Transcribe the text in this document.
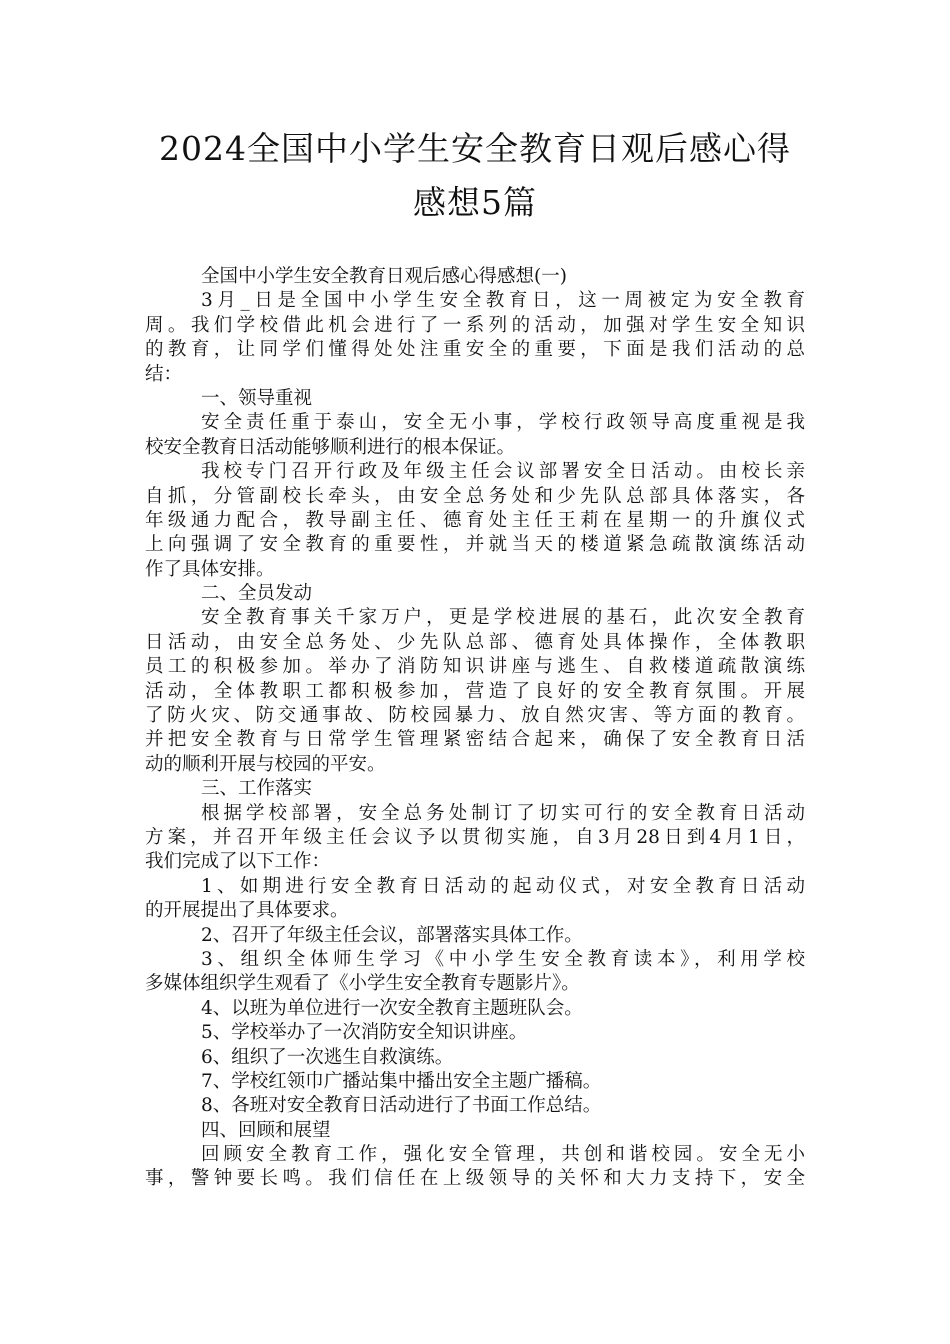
2024全国中小学生安全教育日观后感心得
感想5篇
全国中小学生安全教育日观后感心得感想(一)
3月_日是全国中小学生安全教育日，这一周被定为安全教育
周。我们学校借此机会进行了一系列的活动，加强对学生安全知识
的教育，让同学们懂得处处注重安全的重要，下面是我们活动的总
结：
一、领导重视
安全责任重于泰山，安全无小事，学校行政领导高度重视是我
校安全教育日活动能够顺利进行的根本保证。
我校专门召开行政及年级主任会议部署安全日活动。由校长亲
自抓，分管副校长牵头，由安全总务处和少先队总部具体落实，各
年级通力配合，教导副主任、德育处主任王莉在星期一的升旗仪式
上向强调了安全教育的重要性，并就当天的楼道紧急疏散演练活动
作了具体安排。
二、全员发动
安全教育事关千家万户，更是学校进展的基石，此次安全教育
日活动，由安全总务处、少先队总部、德育处具体操作，全体教职
员工的积极参加。举办了消防知识讲座与逃生、自救楼道疏散演练
活动，全体教职工都积极参加，营造了良好的安全教育氛围。开展
了防火灾、防交通事故、防校园暴力、放自然灾害、等方面的教育。
并把安全教育与日常学生管理紧密结合起来，确保了安全教育日活
动的顺利开展与校园的平安。
三、工作落实
根据学校部署，安全总务处制订了切实可行的安全教育日活动
方案，并召开年级主任会议予以贯彻实施，自3月28日到4月1日，
我们完成了以下工作：
1、如期进行安全教育日活动的起动仪式，对安全教育日活动
的开展提出了具体要求。
2、召开了年级主任会议，部署落实具体工作。
3、组织全体师生学习《中小学生安全教育读本》，利用学校
多媒体组织学生观看了《小学生安全教育专题影片》。
4、以班为单位进行一次安全教育主题班队会。
5、学校举办了一次消防安全知识讲座。
6、组织了一次逃生自救演练。
7、学校红领巾广播站集中播出安全主题广播稿。
8、各班对安全教育日活动进行了书面工作总结。
四、回顾和展望
回顾安全教育工作，强化安全管理，共创和谐校园。安全无小
事，警钟要长鸣。我们信任在上级领导的关怀和大力支持下，安全
